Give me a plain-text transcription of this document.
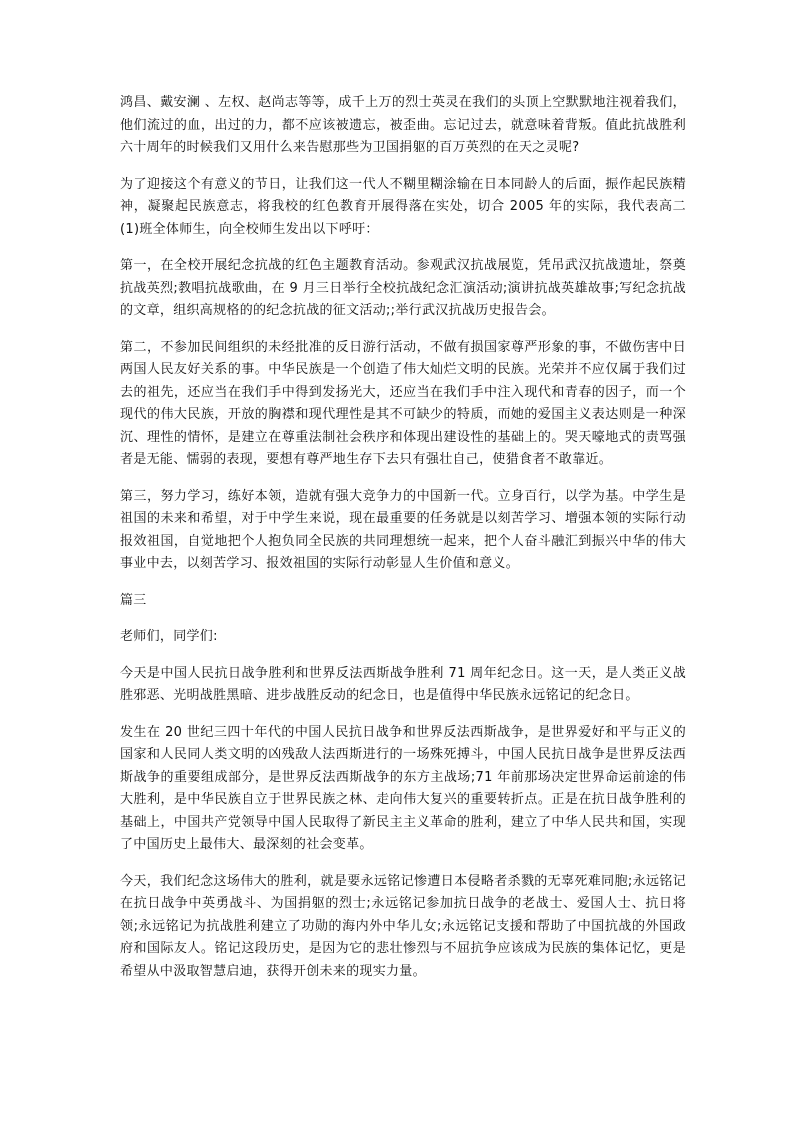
鸿昌、戴安澜 、左权、赵尚志等等，成千上万的烈士英灵在我们的头顶上空默默地注视着我们，他们流过的血，出过的力，都不应该被遗忘，被歪曲。忘记过去，就意味着背叛。值此抗战胜利六十周年的时候我们又用什么来告慰那些为卫国捐躯的百万英烈的在天之灵呢?

为了迎接这个有意义的节日，让我们这一代人不糊里糊涂输在日本同龄人的后面，振作起民族精神，凝聚起民族意志，将我校的红色教育开展得落在实处，切合 2005 年的实际，我代表高二(1)班全体师生，向全校师生发出以下呼吁：

第一，在全校开展纪念抗战的红色主题教育活动。参观武汉抗战展览，凭吊武汉抗战遗址，祭奠抗战英烈;教唱抗战歌曲，在 9 月三日举行全校抗战纪念汇演活动;演讲抗战英雄故事;写纪念抗战的文章，组织高规格的的纪念抗战的征文活动;;举行武汉抗战历史报告会。

第二，不参加民间组织的未经批准的反日游行活动，不做有损国家尊严形象的事，不做伤害中日两国人民友好关系的事。中华民族是一个创造了伟大灿烂文明的民族。光荣并不应仅属于我们过去的祖先，还应当在我们手中得到发扬光大，还应当在我们手中注入现代和青春的因子，而一个现代的伟大民族，开放的胸襟和现代理性是其不可缺少的特质，而她的爱国主义表达则是一种深沉、理性的情怀，是建立在尊重法制社会秩序和体现出建设性的基础上的。哭天嚎地式的责骂强者是无能、懦弱的表现，要想有尊严地生存下去只有强壮自己，使猎食者不敢靠近。

第三，努力学习，练好本领，造就有强大竞争力的中国新一代。立身百行，以学为基。中学生是祖国的未来和希望，对于中学生来说，现在最重要的任务就是以刻苦学习、增强本领的实际行动报效祖国，自觉地把个人抱负同全民族的共同理想统一起来，把个人奋斗融汇到振兴中华的伟大事业中去，以刻苦学习、报效祖国的实际行动彰显人生价值和意义。

篇三

老师们，同学们:

今天是中国人民抗日战争胜利和世界反法西斯战争胜利 71 周年纪念日。这一天，是人类正义战胜邪恶、光明战胜黑暗、进步战胜反动的纪念日，也是值得中华民族永远铭记的纪念日。

发生在 20 世纪三四十年代的中国人民抗日战争和世界反法西斯战争，是世界爱好和平与正义的国家和人民同人类文明的凶残敌人法西斯进行的一场殊死搏斗，中国人民抗日战争是世界反法西斯战争的重要组成部分，是世界反法西斯战争的东方主战场;71 年前那场决定世界命运前途的伟大胜利，是中华民族自立于世界民族之林、走向伟大复兴的重要转折点。正是在抗日战争胜利的基础上，中国共产党领导中国人民取得了新民主主义革命的胜利，建立了中华人民共和国，实现了中国历史上最伟大、最深刻的社会变革。

今天，我们纪念这场伟大的胜利，就是要永远铭记惨遭日本侵略者杀戮的无辜死难同胞;永远铭记在抗日战争中英勇战斗、为国捐躯的烈士;永远铭记参加抗日战争的老战士、爱国人士、抗日将领;永远铭记为抗战胜利建立了功勋的海内外中华儿女;永远铭记支援和帮助了中国抗战的外国政府和国际友人。铭记这段历史，是因为它的悲壮惨烈与不屈抗争应该成为民族的集体记忆，更是希望从中汲取智慧启迪，获得开创未来的现实力量。
